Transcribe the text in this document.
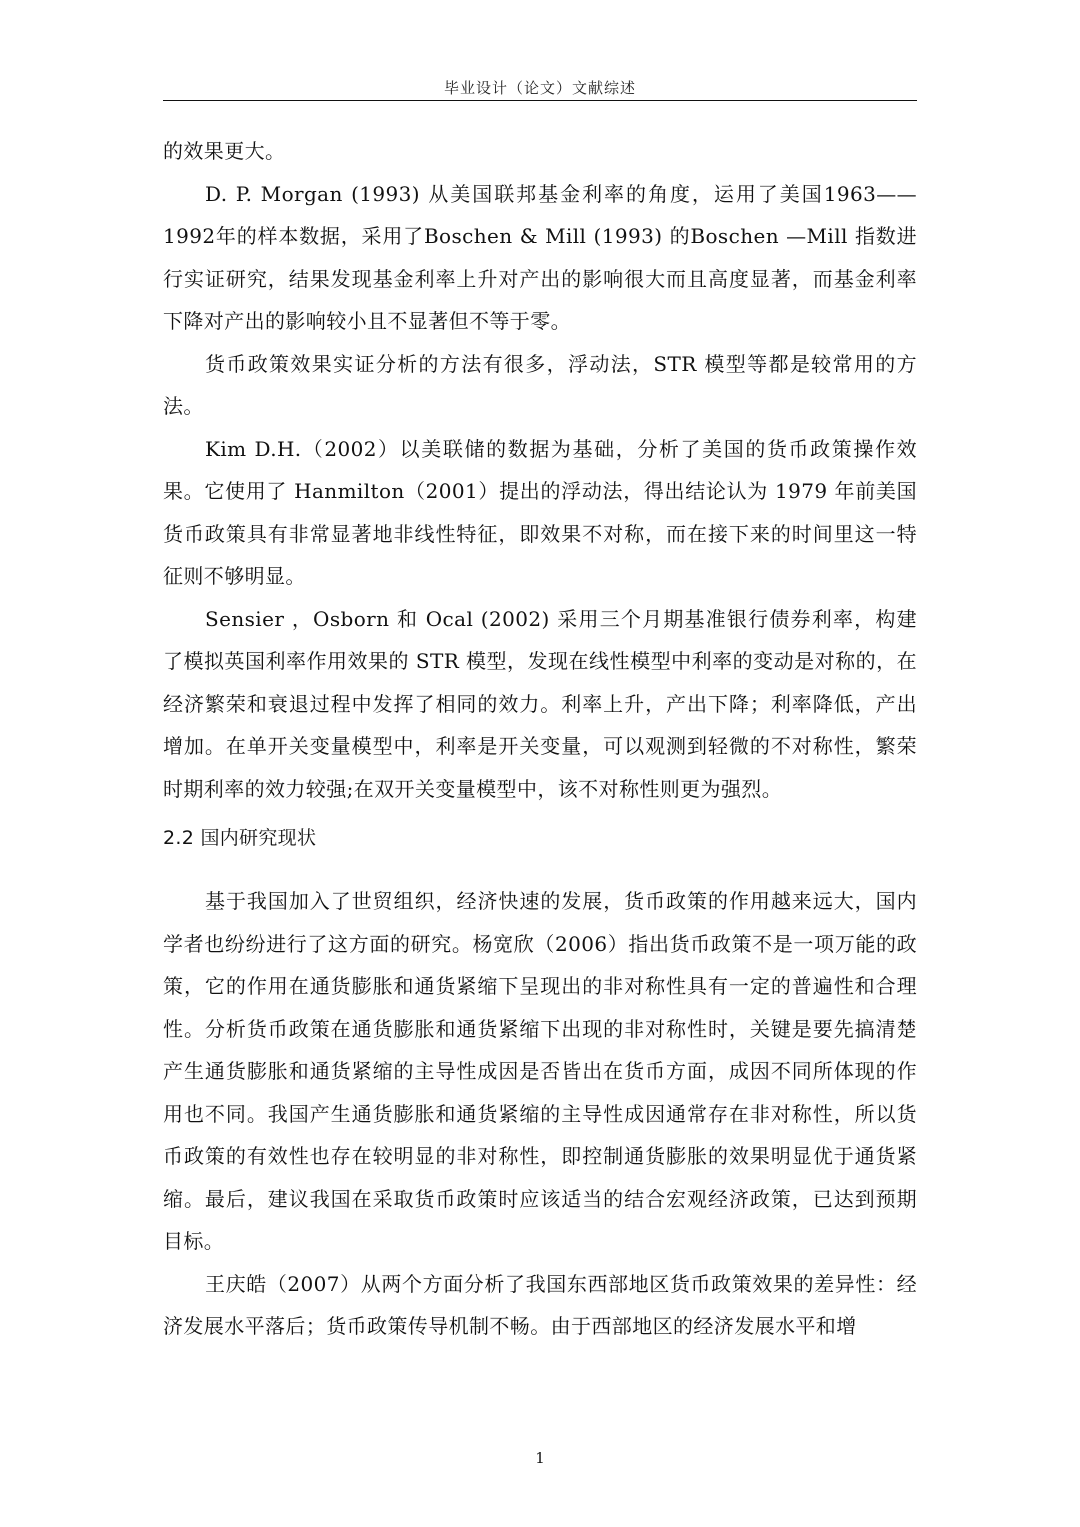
毕业设计（论文）文献综述

的效果更大。

D. P. Morgan (1993) 从美国联邦基金利率的角度，运用了美国1963——1992年的样本数据，采用了Boschen & Mill (1993) 的Boschen —Mill 指数进行实证研究，结果发现基金利率上升对产出的影响很大而且高度显著，而基金利率下降对产出的影响较小且不显著但不等于零。

货币政策效果实证分析的方法有很多，浮动法，STR 模型等都是较常用的方法。

Kim D.H.（2002）以美联储的数据为基础，分析了美国的货币政策操作效果。它使用了 Hanmilton（2001）提出的浮动法，得出结论认为 1979 年前美国货币政策具有非常显著地非线性特征，即效果不对称，而在接下来的时间里这一特征则不够明显。

Sensier ，Osborn 和 Ocal (2002) 采用三个月期基准银行债券利率，构建了模拟英国利率作用效果的 STR 模型，发现在线性模型中利率的变动是对称的，在经济繁荣和衰退过程中发挥了相同的效力。利率上升，产出下降；利率降低，产出增加。在单开关变量模型中，利率是开关变量，可以观测到轻微的不对称性，繁荣时期利率的效力较强;在双开关变量模型中，该不对称性则更为强烈。

2.2 国内研究现状

基于我国加入了世贸组织，经济快速的发展，货币政策的作用越来远大，国内学者也纷纷进行了这方面的研究。杨宽欣（2006）指出货币政策不是一项万能的政策，它的作用在通货膨胀和通货紧缩下呈现出的非对称性具有一定的普遍性和合理性。分析货币政策在通货膨胀和通货紧缩下出现的非对称性时，关键是要先搞清楚产生通货膨胀和通货紧缩的主导性成因是否皆出在货币方面，成因不同所体现的作用也不同。我国产生通货膨胀和通货紧缩的主导性成因通常存在非对称性，所以货币政策的有效性也存在较明显的非对称性，即控制通货膨胀的效果明显优于通货紧缩。最后，建议我国在采取货币政策时应该适当的结合宏观经济政策，已达到预期目标。

王庆皓（2007）从两个方面分析了我国东西部地区货币政策效果的差异性：经济发展水平落后；货币政策传导机制不畅。由于西部地区的经济发展水平和增

1
